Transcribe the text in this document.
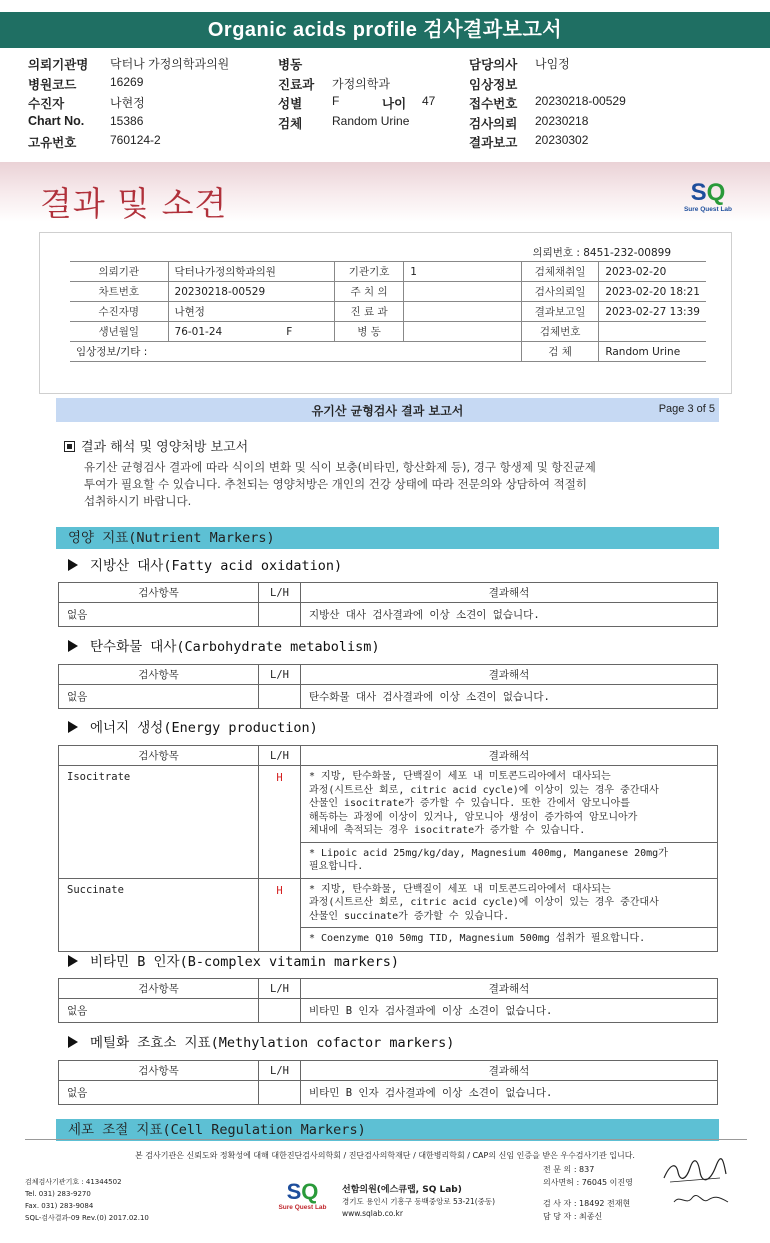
Organic acids profile 검사결과보고서
의뢰기관명 닥터나 가정의학과의원	병동	담당의사 나임정
병원코드	16269	진료과 가정의학과	임상정보
수진자	나현정	성별 F	나이 47	접수번호 20230218-00529
Chart No. 15386	검체 Random Urine	검사의뢰 20230218
고유번호	760124-2	결과보고 20230302
결과 및 소견	SQ
Sure Quest Lab
의뢰번호 : 8451-232-00899
의뢰기관	닥터나가정의학과의원	기관기호	1	검체채취일	2023-02-20
차트번호	20230218-00529	주 치 의		검사의뢰일	2023-02-20 18:21
수진자명	나현정	진 료 과		결과보고일	2023-02-27 13:39
생년월일	76-01-24 F	병 동		검체번호	
임상정보/기타 :				검 체	Random Urine
유기산 균형검사 결과 보고서	Page 3 of 5
결과 해석 및 영양처방 보고서
유기산 균형검사 결과에 따라 식이의 변화 및 식이 보충(비타민, 항산화제 등), 경구 항생제 및 항진균제
투여가 필요할 수 있습니다. 추천되는 영양처방은 개인의 건강 상태에 따라 전문의와 상담하여 적절히
섭취하시기 바랍니다.
영양 지표(Nutrient Markers)
지방산 대사(Fatty acid oxidation)
검사항목	L/H	결과해석
없음		지방산 대사 검사결과에 이상 소견이 없습니다.
탄수화물 대사(Carbohydrate metabolism)
검사항목	L/H	결과해석
없음		탄수화물 대사 검사결과에 이상 소견이 없습니다.
에너지 생성(Energy production)
검사항목	L/H	결과해석
Isocitrate	H	* 지방, 탄수화물, 단백질이 세포 내 미토콘드리아에서 대사되는
과정(시트르산 회로, citric acid cycle)에 이상이 있는 경우 중간대사
산물인 isocitrate가 증가할 수 있습니다. 또한 간에서 암모니아를
해독하는 과정에 이상이 있거나, 암모니아 생성이 증가하여 암모니아가
체내에 축적되는 경우 isocitrate가 증가할 수 있습니다.

		* Lipoic acid 25mg/kg/day, Magnesium 400mg, Manganese 20mg가
필요합니다.

Succinate	H	* 지방, 탄수화물, 단백질이 세포 내 미토콘드리아에서 대사되는
과정(시트르산 회로, citric acid cycle)에 이상이 있는 경우 중간대사
산물인 succinate가 증가할 수 있습니다.

		* Coenzyme Q10 50mg TID, Magnesium 500mg 섭취가 필요합니다.
비타민 B 인자(B-complex vitamin markers)
검사항목	L/H	결과해석
없음		비타민 B 인자 검사결과에 이상 소견이 없습니다.
메틸화 조효소 지표(Methylation cofactor markers)
검사항목	L/H	결과해석
없음		비타민 B 인자 검사결과에 이상 소견이 없습니다.
세포 조절 지표(Cell Regulation Markers)
본 검사기관은 신뢰도와 정확성에 대해 대한진단검사의학회 / 진단검사의학재단 / 대한병리학회 / CAP의 신임 인증을 받은 우수검사기관 입니다.
검체검사기관기호 : 41344502
Tel. 031) 283-9270
Fax. 031) 283-9084
SQL-검사결과-09 Rev.(0) 2017.02.10
SQ
Sure Quest Lab
선함의원(에스큐랩, SQ Lab)
경기도 용인시 기흥구 동백중앙로 53-21(중동)
www.sqlab.co.kr
전 문 의 : 837
의사면허 : 76045 이진영
검 사 자 : 18492 전재현
담 당 자 : 최종신
